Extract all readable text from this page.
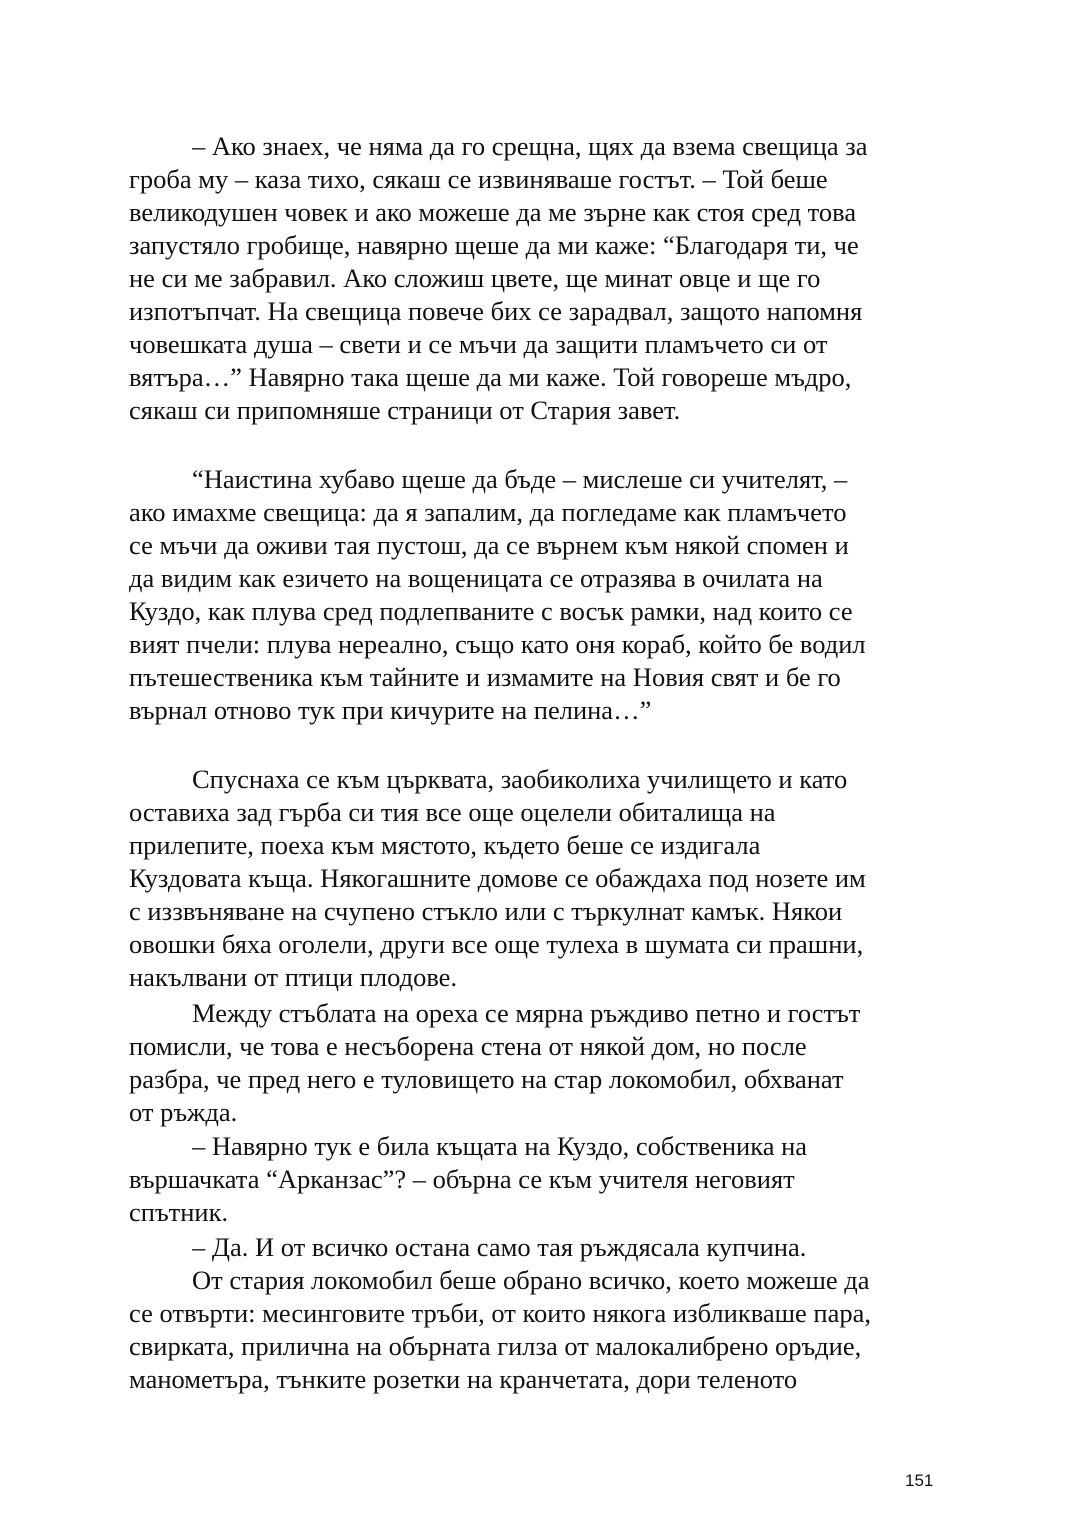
– Ако знаех, че няма да го срещна, щях да взема свещица за
гроба му – каза тихо, сякаш се извиняваше гостът. – Той беше
великодушен човек и ако можеше да ме зърне как стоя сред това
запустяло гробище, навярно щеше да ми каже: “Благодаря ти, че
не си ме забравил. Ако сложиш цвете, ще минат овце и ще го
изпотъпчат. На свещица повече бих се зарадвал, защото напомня
човешката душа – свети и се мъчи да защити пламъчето си от
вятъра…” Навярно така щеше да ми каже. Той говореше мъдро,
сякаш си припомняше страници от Стария завет.
“Наистина хубаво щеше да бъде – мислеше си учителят, –
ако имахме свещица: да я запалим, да погледаме как пламъчето
се мъчи да оживи тая пустош, да се върнем към някой спомен и
да видим как езичето на вощеницата се отразява в очилата на
Куздо, как плува сред подлепваните с восък рамки, над които се
вият пчели: плува нереално, също като оня кораб, който бе водил
пътешественика към тайните и измамите на Новия свят и бе го
върнал отново тук при кичурите на пелина…”
Спуснаха се към църквата, заобиколиха училището и като
оставиха зад гърба си тия все още оцелели обиталища на
прилепите, поеха към мястото, където беше се издигала
Куздовата къща. Някогашните домове се обаждаха под нозете им
с иззвъняване на счупено стъкло или с търкулнат камък. Някои
овошки бяха оголели, други все още тулеха в шумата си прашни,
накълвани от птици плодове.
Между стъблата на ореха се мярна ръждиво петно и гостът
помисли, че това е несъборена стена от някой дом, но после
разбра, че пред него е туловището на стар локомобил, обхванат
от ръжда.
– Навярно тук е била къщата на Куздо, собственика на
вършачката “Арканзас”? – обърна се към учителя неговият
спътник.
– Да. И от всичко остана само тая ръждясала купчина.
От стария локомобил беше обрано всичко, което можеше да
се отвърти: месинговите тръби, от които някога избликваше пара,
свирката, прилична на обърната гилза от малокалибрено оръдие,
манометъра, тънките розетки на кранчетата, дори теленото
151
